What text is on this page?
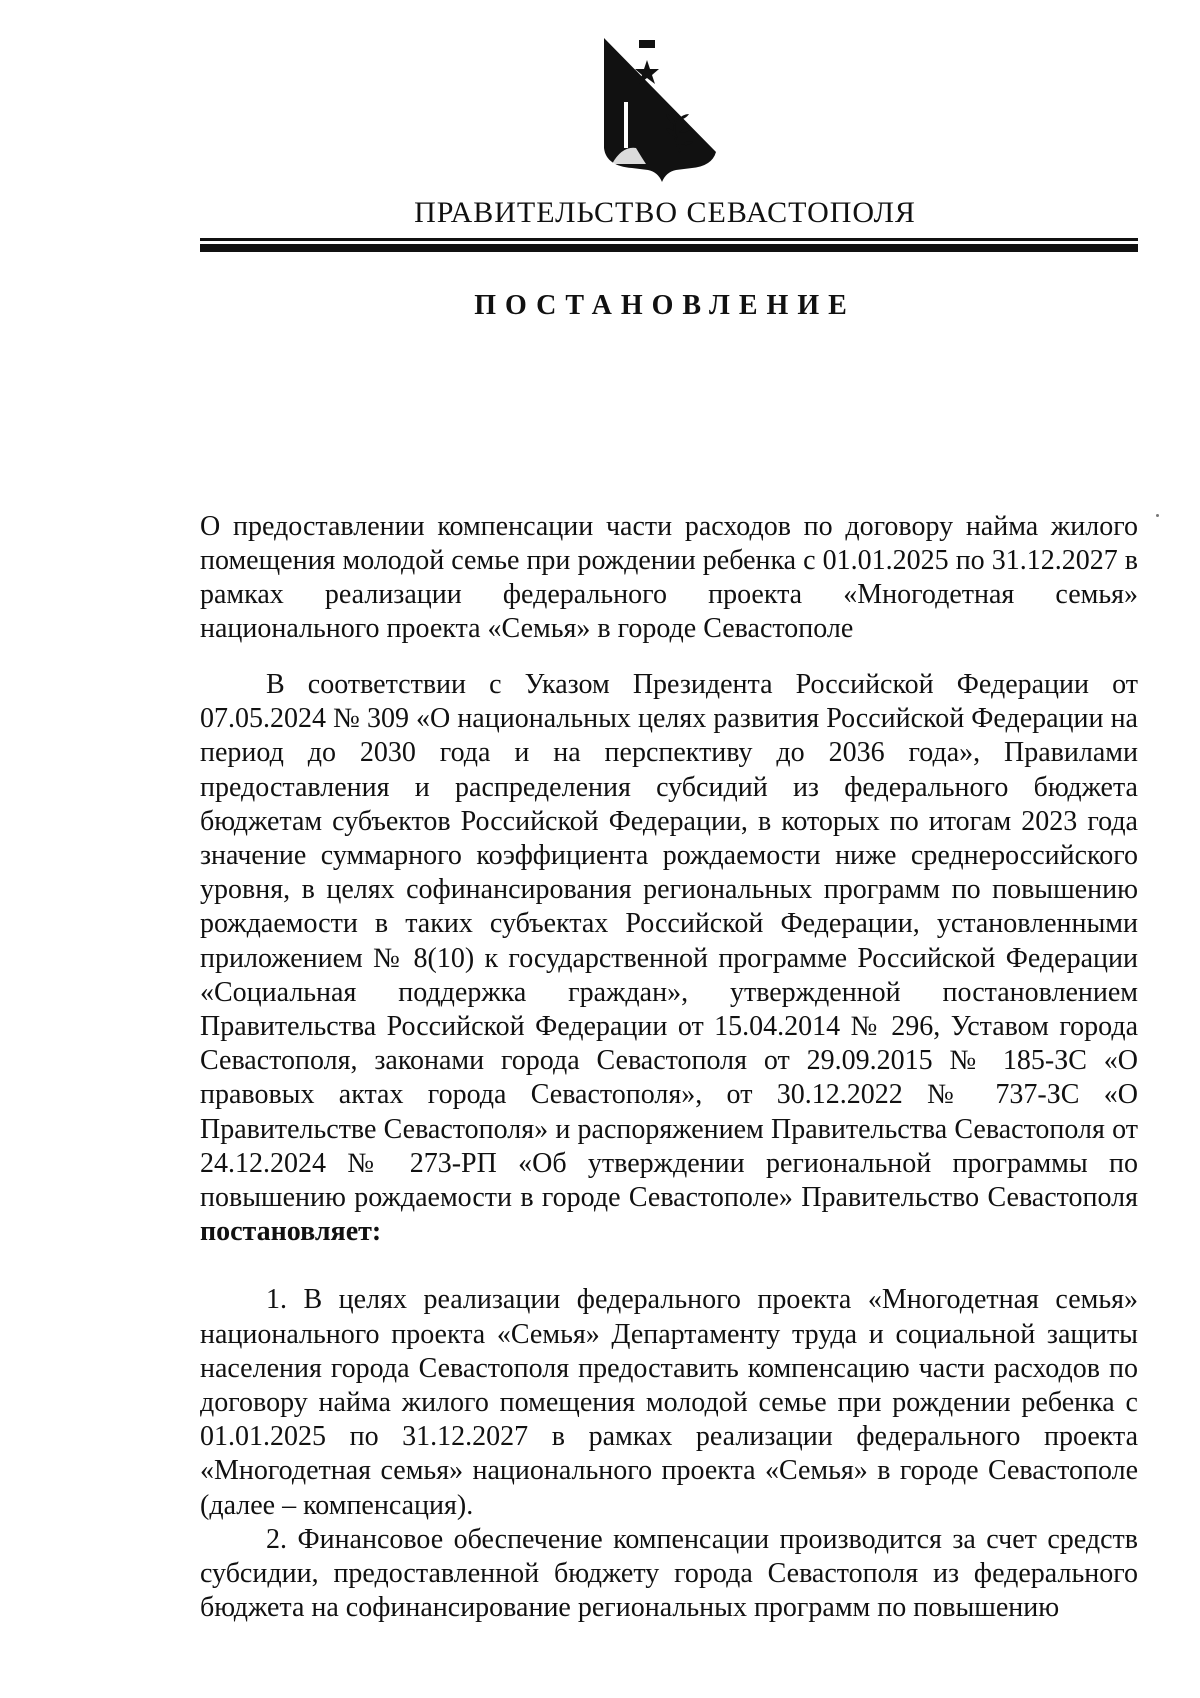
ПРАВИТЕЛЬСТВО СЕВАСТОПОЛЯ
ПОСТАНОВЛЕНИЕ
О предоставлении компенсации части расходов по договору найма жилого помещения молодой семье при рождении ребенка с 01.01.2025 по 31.12.2027 в рамках реализации федерального проекта «Многодетная семья» национального проекта «Семья» в городе Севастополе

В соответствии с Указом Президента Российской Федерации от 07.05.2024 № 309 «О национальных целях развития Российской Федерации на период до 2030 года и на перспективу до 2036 года», Правилами предоставления и распределения субсидий из федерального бюджета бюджетам субъектов Российской Федерации, в которых по итогам 2023 года значение суммарного коэффициента рождаемости ниже среднероссийского уровня, в целях софинансирования региональных программ по повышению рождаемости в таких субъектах Российской Федерации, установленными приложением № 8(10) к государственной программе Российской Федерации «Социальная поддержка граждан», утвержденной постановлением Правительства Российской Федерации от 15.04.2014 № 296, Уставом города Севастополя, законами города Севастополя от 29.09.2015 № 185-ЗС «О правовых актах города Севастополя», от 30.12.2022 № 737-ЗС «О Правительстве Севастополя» и распоряжением Правительства Севастополя от 24.12.2024 № 273-РП «Об утверждении региональной программы по повышению рождаемости в городе Севастополе» Правительство Севастополя постановляет:

1. В целях реализации федерального проекта «Многодетная семья» национального проекта «Семья» Департаменту труда и социальной защиты населения города Севастополя предоставить компенсацию части расходов по договору найма жилого помещения молодой семье при рождении ребенка с 01.01.2025 по 31.12.2027 в рамках реализации федерального проекта «Многодетная семья» национального проекта «Семья» в городе Севастополе (далее – компенсация).

2. Финансовое обеспечение компенсации производится за счет средств субсидии, предоставленной бюджету города Севастополя из федерального бюджета на софинансирование региональных программ по повышению
